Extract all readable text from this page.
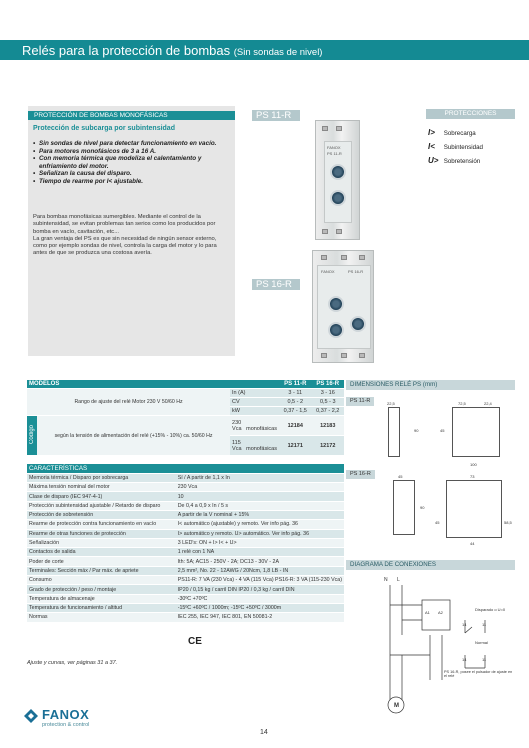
Relés para la protección de bombas (Sin sondas de nivel)
PROTECCIÓN DE BOMBAS MONOFÁSICAS
Protección de subcarga por subintensidad
• Sin sondas de nivel para detectar funcionamiento en vacío.
• Para motores monofásicos de 3 a 16 A.
• Con memoria térmica que modeliza el calentamiento y enfriamiento del motor.
• Señalizan la causa del disparo.
• Tiempo de rearme por I< ajustable.

Para bombas monofásicas sumergibles. Mediante el control de la subintensidad, se evitan problemas tan serios como los producidos por bomba en vacío, cavitación, etc...

La gran ventaja del PS es que sin necesidad de ningún sensor externo, como por ejemplo sondas de nivel, controla la carga del motor y lo para antes de que se produzca una costosa avería.

PS 11-R
PS 16-R
FANOX
PS 11-R
FANOX	PS 16-R
PROTECCIONES
I> Sobrecarga
I< Subintensidad
U> Sobretensión
MODELOS			PS 11-R	PS 16-R
Rango de ajuste del relé Motor 230 V 50/60 Hz		In (A)	3 - 11	3 - 16
		CV	0,5 - 2	0,5 - 3
		kW	0,37 - 1,5	0,37 - 2,2
Código	según la tensión de alimentación del relé (+15% - 10%) ca. 50/60 Hz	230 Vca monofásicas	12184	12183
		115 Vca monofásicas	12171	12172
CARACTERÍSTICAS	
Memoria térmica / Disparo por sobrecarga	Sí / A partir de 1,1 x In
Máxima tensión nominal del motor	230 Vca
Clase de disparo (IEC 947-4-1)	10
Protección subintensidad ajustable / Retardo de disparo	De 0,4 a 0,9 x In / 5 s
Protección de sobretensión	A partir de la V nominal + 15%
Rearme de protección contra funcionamiento en vacío	I< automático (ajustable) y remoto. Ver info pág. 36
Rearme de otras funciones de protección	I> automático y remoto. U> automático. Ver info pág. 36
Señalización	3 LED's: ON + I> I< + U>
Contactos de salida	1 relé con 1 NA
Poder de corte	Ith: 5A; AC15 - 250V - 2A; DC13 - 30V - 2A
Terminales: Sección máx / Par máx. de apriete	2,5 mm², No. 22 - 12AWG / 20Ncm, 1,8 LB - IN
Consumo	PS11-R: 7 VA (230 Vca) - 4 VA (115 Vca) PS16-R: 3 VA (115-230 Vca)
Grado de protección / peso / montaje	IP20 / 0,15 kg / carril DIN IP20 / 0,3 kg / carril DIN
Temperatura de almacenaje	-30ºC +70ºC
Temperatura de funcionamiento / altitud	-15ºC +60ºC / 1000m; -15ºC +50ºC / 3000m
Normas	IEC 255, IEC 947, IEC 801, EN 50081-2
CE
Ajuste y curvas, ver páginas 31 a 37.
DIMENSIONES RELÉ PS (mm)
PS 11-R	22,5	72,5	22,4
90	45
100
PS 16-R	45	73
90
45
44
58,5
DIAGRAMA DE CONEXIONES
N L
A1 A2
Disparado o U=0
14	11
Normal
14	11
PS 16-R, posee el pulsador de ajuste en el relé
M
FANOX
protection & control
14
